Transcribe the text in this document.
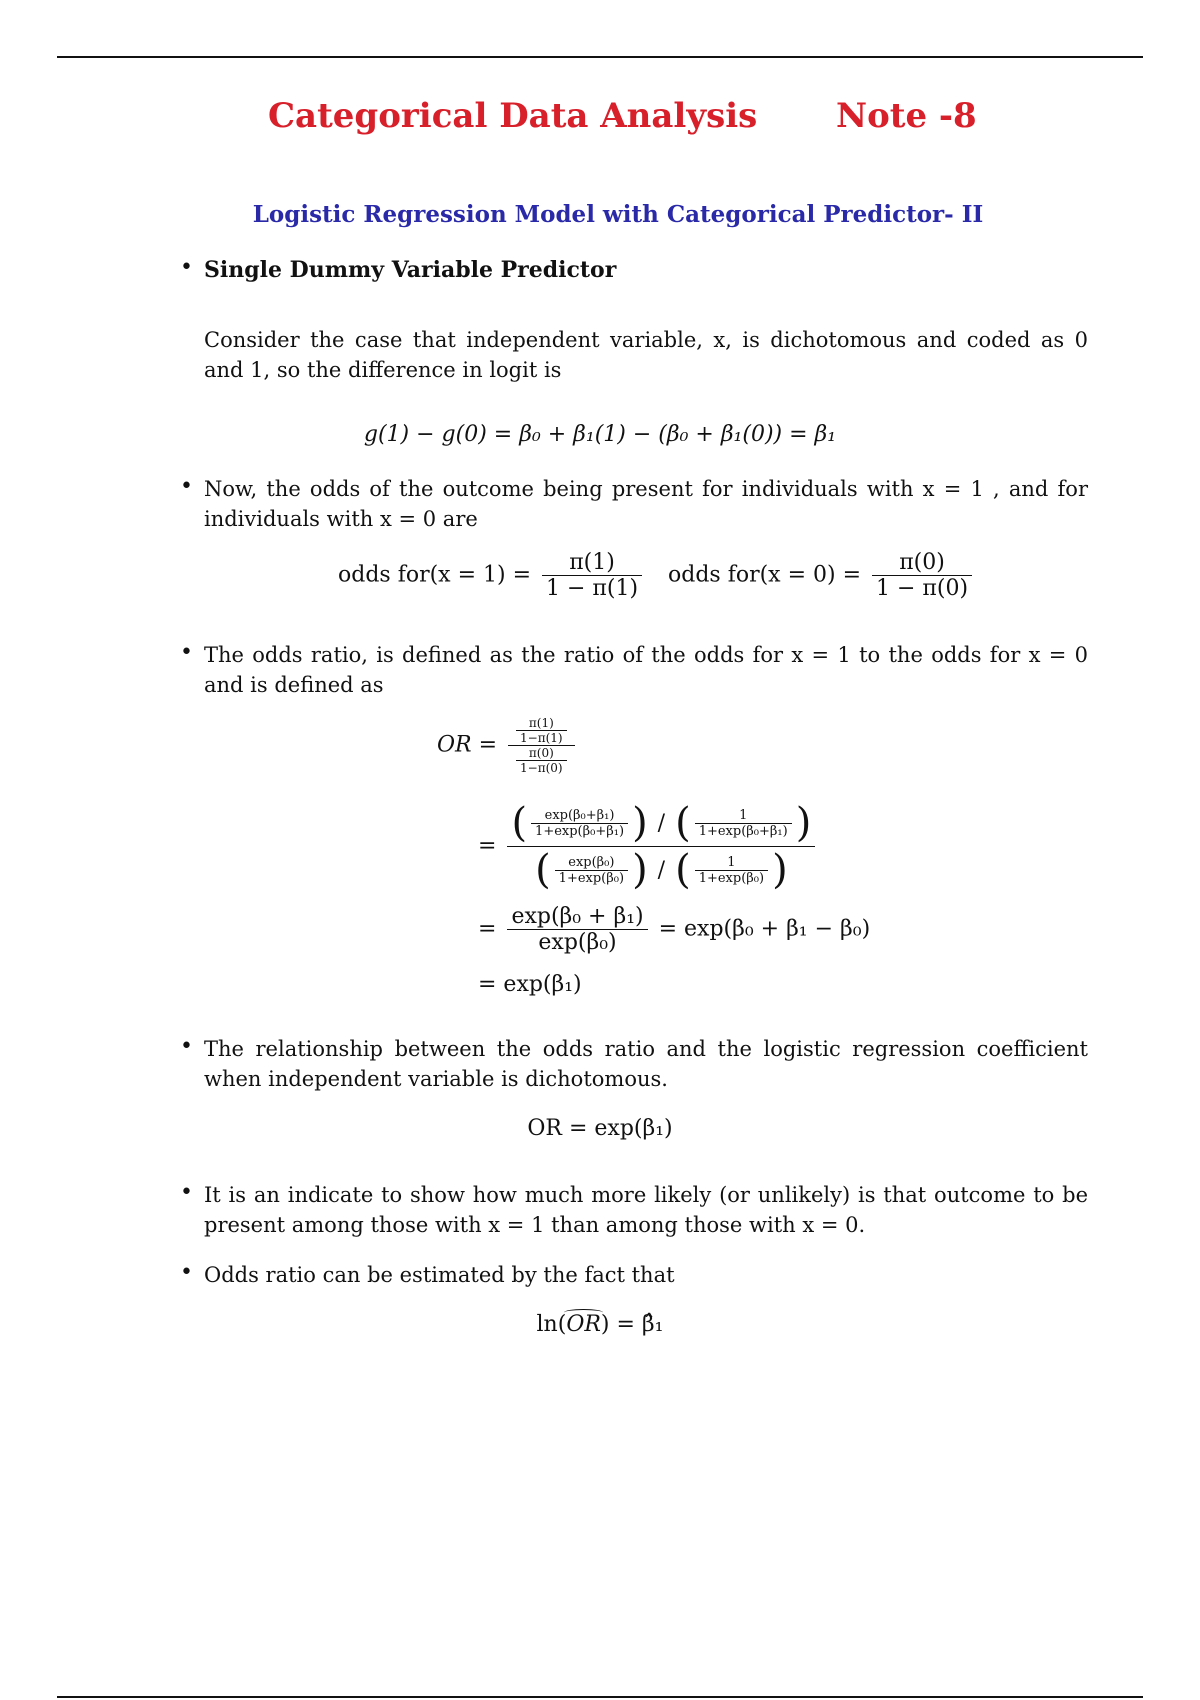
Categorical Data Analysis Note -8
Logistic Regression Model with Categorical Predictor- II
• Single Dummy Variable Predictor
Consider the case that independent variable, x, is dichotomous and coded as 0 and 1, so the difference in logit is
g(1) − g(0) = β₀ + β₁(1) − (β₀ + β₁(0)) = β₁
• Now, the odds of the outcome being present for individuals with x = 1 , and for individuals with x = 0 are
odds $for(x = 1) = \frac{\pi(1)}{1 - \pi(1)}$ odds $for(x = 0) = \frac{\pi(0)}{1 - \pi(0)}$
• The odds ratio, is defined as the ratio of the odds for x = 1 to the odds for x = 0 and is defined as
OR = $\frac{\frac{\pi(1)}{1-\pi(1)}}{\frac{\pi(0)}{1-\pi(0)}}$
= $\frac{( \frac{\text{exp(β₀+β₁)}}{\text{1+exp(β₀+β₁)}} ) / ( \frac{1}{\text{1+exp(β₀+β₁)}} )}{( \frac{\text{exp(β₀)}}{\text{1+exp(β₀)}} ) / ( \frac{1}{\text{1+exp(β₀)}} )}$
= $\frac{\text{exp(β₀ + β₁)}}{\text{exp(β₀)}} = \exp(\beta_0 + \beta_1 - \beta_0)$
= exp(β₁)
• The relationship between the odds ratio and the logistic regression coefficient when independent variable is dichotomous.
OR = exp(β₁)
• It is an indicate to show how much more likely (or unlikely) is that outcome to be present among those with x = 1 than among those with x = 0.
• Odds ratio can be estimated by the fact that
ln(OR) = β̂₁
